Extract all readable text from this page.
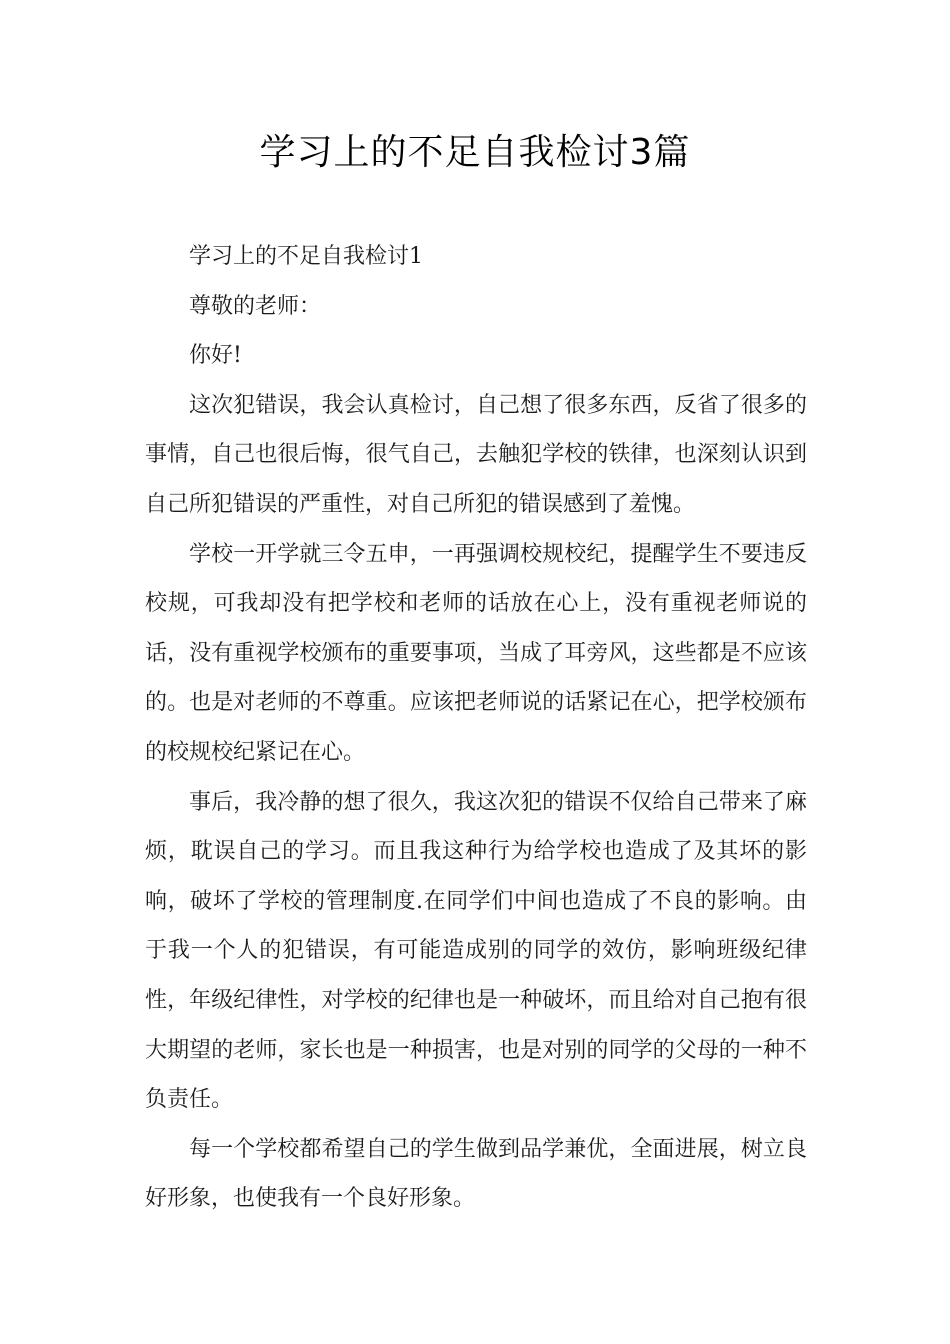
学习上的不足自我检讨3篇

学习上的不足自我检讨1

尊敬的老师：

你好!

这次犯错误，我会认真检讨，自己想了很多东西，反省了很多的事情，自己也很后悔，很气自己，去触犯学校的铁律，也深刻认识到自己所犯错误的严重性，对自己所犯的错误感到了羞愧。

学校一开学就三令五申，一再强调校规校纪，提醒学生不要违反校规，可我却没有把学校和老师的话放在心上，没有重视老师说的话，没有重视学校颁布的重要事项，当成了耳旁风，这些都是不应该的。也是对老师的不尊重。应该把老师说的话紧记在心，把学校颁布的校规校纪紧记在心。

事后，我冷静的想了很久，我这次犯的错误不仅给自己带来了麻烦，耽误自己的学习。而且我这种行为给学校也造成了及其坏的影响，破坏了学校的管理制度.在同学们中间也造成了不良的影响。由于我一个人的犯错误，有可能造成别的同学的效仿，影响班级纪律性，年级纪律性，对学校的纪律也是一种破坏，而且给对自己抱有很大期望的老师，家长也是一种损害，也是对别的同学的父母的一种不负责任。

每一个学校都希望自己的学生做到品学兼优，全面进展，树立良好形象，也使我有一个良好形象。
